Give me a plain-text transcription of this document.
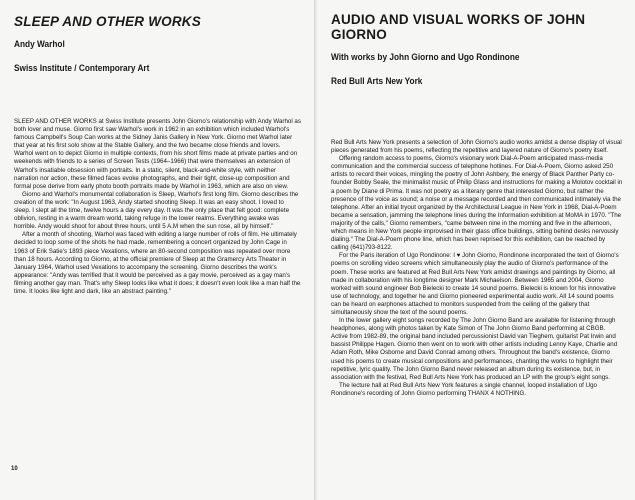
SLEEP AND OTHER WORKS
Andy Warhol
Swiss Institute / Contemporary Art

SLEEP AND OTHER WORKS at Swiss Institute presents John Giorno's relationship with Andy Warhol as both lover and muse. Giorno first saw Warhol's work in 1962 in an exhibition which included Warhol's famous Campbell's Soup Can works at the Sidney Janis Gallery in New York. Giorno met Warhol later that year at his first solo show at the Stable Gallery, and the two became close friends and lovers. Warhol went on to depict Giorno in multiple contexts, from his short films made at private parties and on weekends with friends to a series of Screen Tests (1964–1966) that were themselves an extension of Warhol's insatiable obsession with portraits. In a static, silent, black-and-white style, with neither narration nor action, these filmed faces evoke photographs, and their tight, close-up composition and formal pose derive from early photo booth portraits made by Warhol in 1963, which are also on view.

Giorno and Warhol's monumental collaboration is Sleep, Warhol's first long film. Giorno describes the creation of the work: "In August 1963, Andy started shooting Sleep. It was an easy shoot. I loved to sleep. I slept all the time, twelve hours a day every day. It was the only place that felt good: complete oblivion, resting in a warm dream world, taking refuge in the lower realms. Everything awake was horrible. Andy would shoot for about three hours, until 5 A.M when the sun rose, all by himself."

After a month of shooting, Warhol was faced with editing a large number of rolls of film. He ultimately decided to loop some of the shots he had made, remembering a concert organized by John Cage in 1963 of Erik Satie's 1893 piece Vexations, where an 80-second composition was repeated over more than 18 hours. According to Giorno, at the official premiere of Sleep at the Gramercy Arts Theater in January 1964, Warhol used Vexations to accompany the screening. Giorno describes the work's appearance: "Andy was terrified that it would be perceived as a gay movie, perceived as a gay man's filming another gay man. That's why Sleep looks like what it does; it doesn't even look like a man half the time. It looks like light and dark, like an abstract painting."

10
AUDIO AND VISUAL WORKS OF JOHN GIORNO
With works by John Giorno and Ugo Rondinone
Red Bull Arts New York

Red Bull Arts New York presents a selection of John Giorno's audio works amidst a dense display of visual pieces generated from his poems, reflecting the repetitive and layered nature of Giorno's poetry itself.

Offering random access to poems, Giorno's visionary work Dial-A-Poem anticipated mass-media communication and the commercial success of telephone hotlines. For Dial-A-Poem, Giorno asked 250 artists to record their voices, mingling the poetry of John Ashbery, the energy of Black Panther Party co-founder Bobby Seale, the minimalist music of Philip Glass and instructions for making a Molotov cocktail in a poem by Diane di Prima. It was not poetry as a literary genre that interested Giorno, but rather the presence of the voice as sound; a noise or a message recorded and then communicated intimately via the telephone. After an initial tryout organized by the Architectural League in New York in 1968, Dial-A-Poem became a sensation, jamming the telephone lines during the Information exhibition at MoMA in 1970. "The majority of the calls," Giorno remembers, "came between nine in the morning and five in the afternoon, which means in New York people improvised in their glass office buildings, sitting behind desks nervously dialing." The Dial-A-Poem phone line, which has been reprised for this exhibition, can be reached by calling (641)793-8122.

For the Paris iteration of Ugo Rondinone: I ♥ John Giorno, Rondinone incorporated the text of Giorno's poems on scrolling video screens which simultaneously play the audio of Giorno's performance of the poem. These works are featured at Red Bull Arts New York amidst drawings and paintings by Giorno, all made in collaboration with his longtime designer Mark Michaelson. Between 1965 and 2004, Giorno worked with sound engineer Bob Bielecki to create 14 sound poems. Bielecki is known for his innovative use of technology, and together he and Giorno pioneered experimental audio work. All 14 sound poems can be heard on earphones attached to monitors suspended from the ceiling of the gallery that simultaneously show the text of the sound poems.

In the lower gallery eight songs recorded by The John Giorno Band are available for listening through headphones, along with photos taken by Kate Simon of The John Giorno Band performing at CBGB. Active from 1982-89, the original band included percussionist David van Tieghem, guitarist Pat Irwin and bassist Philippe Hagen. Giorno then went on to work with other artists including Lenny Kaye, Charlie and Adam Roth, Mike Osborne and David Conrad among others. Throughout the band's existence, Giorno used his poems to create musical compositions and performances, chanting the works to highlight their repetitive, lyric quality. The John Giorno Band never released an album during its existence, but, in association with the festival, Red Bull Arts New York has produced an LP with the group's eight songs.

The lecture hall at Red Bull Arts New York features a single channel, looped installation of Ugo Rondinone's recording of John Giorno performing THANX 4 NOTHING.
